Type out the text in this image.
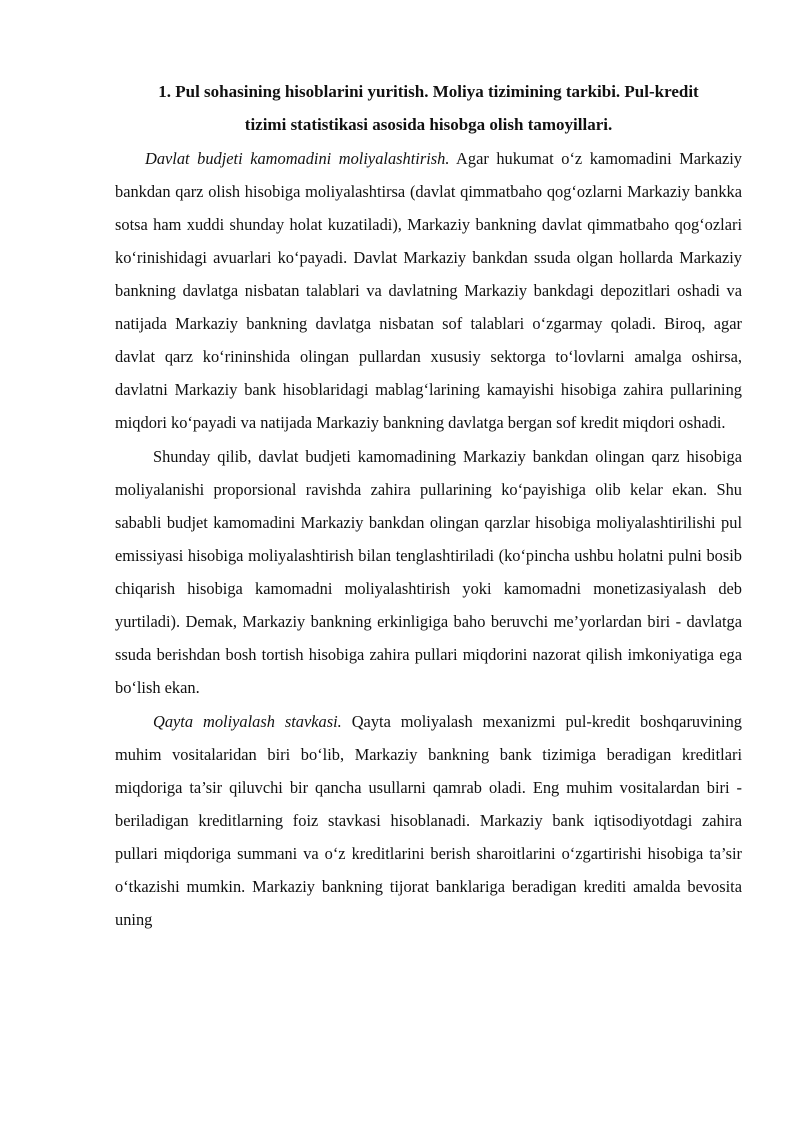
1. Pul sohasining hisoblarini yuritish. Moliya tizimining tarkibi. Pul-kredit
tizimi statistikasi asosida hisobga olish tamoyillari.

Davlat budjeti kamomadini moliyalashtirish. Agar hukumat o‘z kamomadini Markaziy bankdan qarz olish hisobiga moliyalashtirsa (davlat qimmatbaho qog‘ozlarni Markaziy bankka sotsa ham xuddi shunday holat kuzatiladi), Markaziy bankning davlat qimmatbaho qog‘ozlari ko‘rinishidagi avuarlari ko‘payadi. Davlat Markaziy bankdan ssuda olgan hollarda Markaziy bankning davlatga nisbatan talablari va davlatning Markaziy bankdagi depozitlari oshadi va natijada Markaziy bankning davlatga nisbatan sof talablari o‘zgarmay qoladi. Biroq, agar davlat qarz ko‘rininshida olingan pullardan xususiy sektorga to‘lovlarni amalga oshirsa, davlatni Markaziy bank hisoblaridagi mablag‘larining kamayishi hisobiga zahira pullarining miqdori ko‘payadi va natijada Markaziy bankning davlatga bergan sof kredit miqdori oshadi.

Shunday qilib, davlat budjeti kamomadining Markaziy bankdan olingan qarz hisobiga moliyalanishi proporsional ravishda zahira pullarining ko‘payishiga olib kelar ekan. Shu sababli budjet kamomadini Markaziy bankdan olingan qarzlar hisobiga moliyalashtirilishi pul emissiyasi hisobiga moliyalashtirish bilan tenglashtiriladi (ko‘pincha ushbu holatni pulni bosib chiqarish hisobiga kamomadni moliyalashtirish yoki kamomadni monetizasiyalash deb yurtiladi). Demak, Markaziy bankning erkinligiga baho beruvchi me’yorlardan biri - davlatga ssuda berishdan bosh tortish hisobiga zahira pullari miqdorini nazorat qilish imkoniyatiga ega bo‘lish ekan.

Qayta moliyalash stavkasi. Qayta moliyalash mexanizmi pul-kredit boshqaruvining muhim vositalaridan biri bo‘lib, Markaziy bankning bank tizimiga beradigan kreditlari miqdoriga ta’sir qiluvchi bir qancha usullarni qamrab oladi. Eng muhim vositalardan biri - beriladigan kreditlarning foiz stavkasi hisoblanadi. Markaziy bank iqtisodiyotdagi zahira pullari miqdoriga summani va o‘z kreditlarini berish sharoitlarini o‘zgartirishi hisobiga ta’sir o‘tkazishi mumkin. Markaziy bankning tijorat banklariga beradigan krediti amalda bevosita uning
